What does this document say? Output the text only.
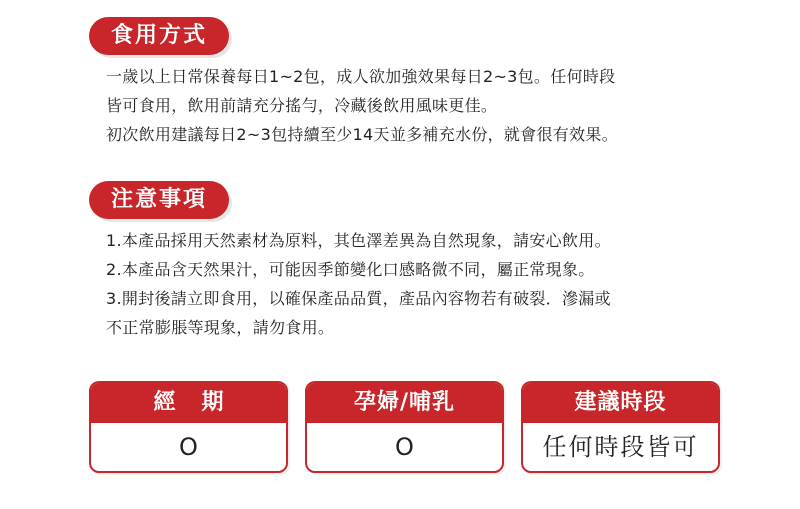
食用方式

一歲以上日常保養每日1~2包，成人欲加強效果每日2~3包。任何時段

皆可食用，飲用前請充分搖勻，冷藏後飲用風味更佳。

初次飲用建議每日2~3包持續至少14天並多補充水份，就會很有效果。

注意事項

1.本產品採用天然素材為原料，其色澤差異為自然現象，請安心飲用。

2.本產品含天然果汁，可能因季節變化口感略微不同，屬正常現象。

3.開封後請立即食用，以確保產品品質，產品內容物若有破裂．滲漏或

不正常膨脹等現象，請勿食用。

經期
O
孕婦/哺乳
O
建議時段
任何時段皆可
